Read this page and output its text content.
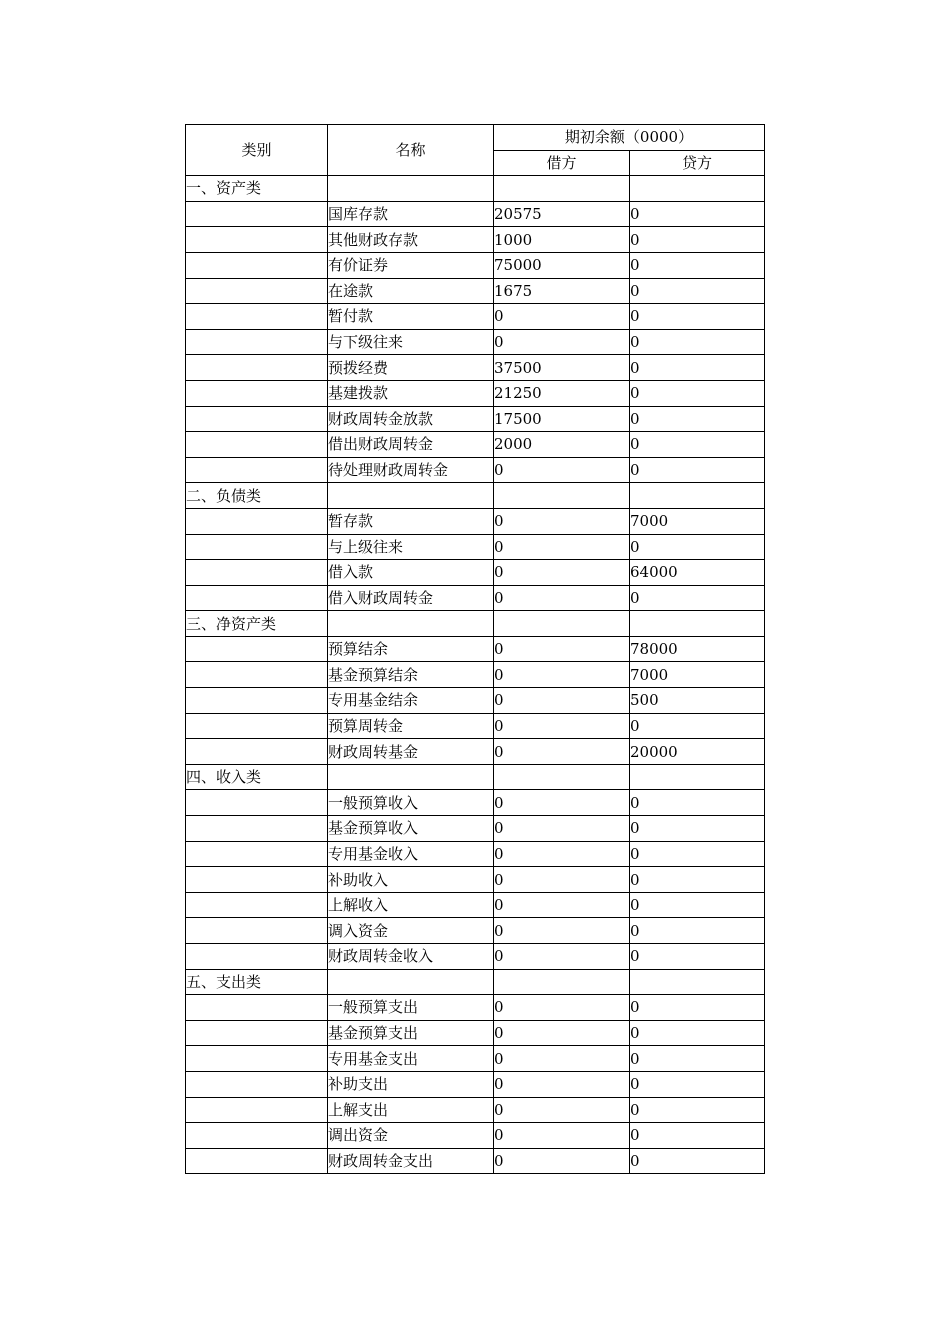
类别	名称	期初余额（0000）	
		借方	贷方
一、资产类			
	国库存款	20575	0
	其他财政存款	1000	0
	有价证券	75000	0
	在途款	1675	0
	暂付款	0	0
	与下级往来	0	0
	预拨经费	37500	0
	基建拨款	21250	0
	财政周转金放款	17500	0
	借出财政周转金	2000	0
	待处理财政周转金	0	0
二、负债类			
	暂存款	0	7000
	与上级往来	0	0
	借入款	0	64000
	借入财政周转金	0	0
三、净资产类			
	预算结余	0	78000
	基金预算结余	0	7000
	专用基金结余	0	500
	预算周转金	0	0
	财政周转基金	0	20000
四、收入类			
	一般预算收入	0	0
	基金预算收入	0	0
	专用基金收入	0	0
	补助收入	0	0
	上解收入	0	0
	调入资金	0	0
	财政周转金收入	0	0
五、支出类			
	一般预算支出	0	0
	基金预算支出	0	0
	专用基金支出	0	0
	补助支出	0	0
	上解支出	0	0
	调出资金	0	0
	财政周转金支出	0	0
